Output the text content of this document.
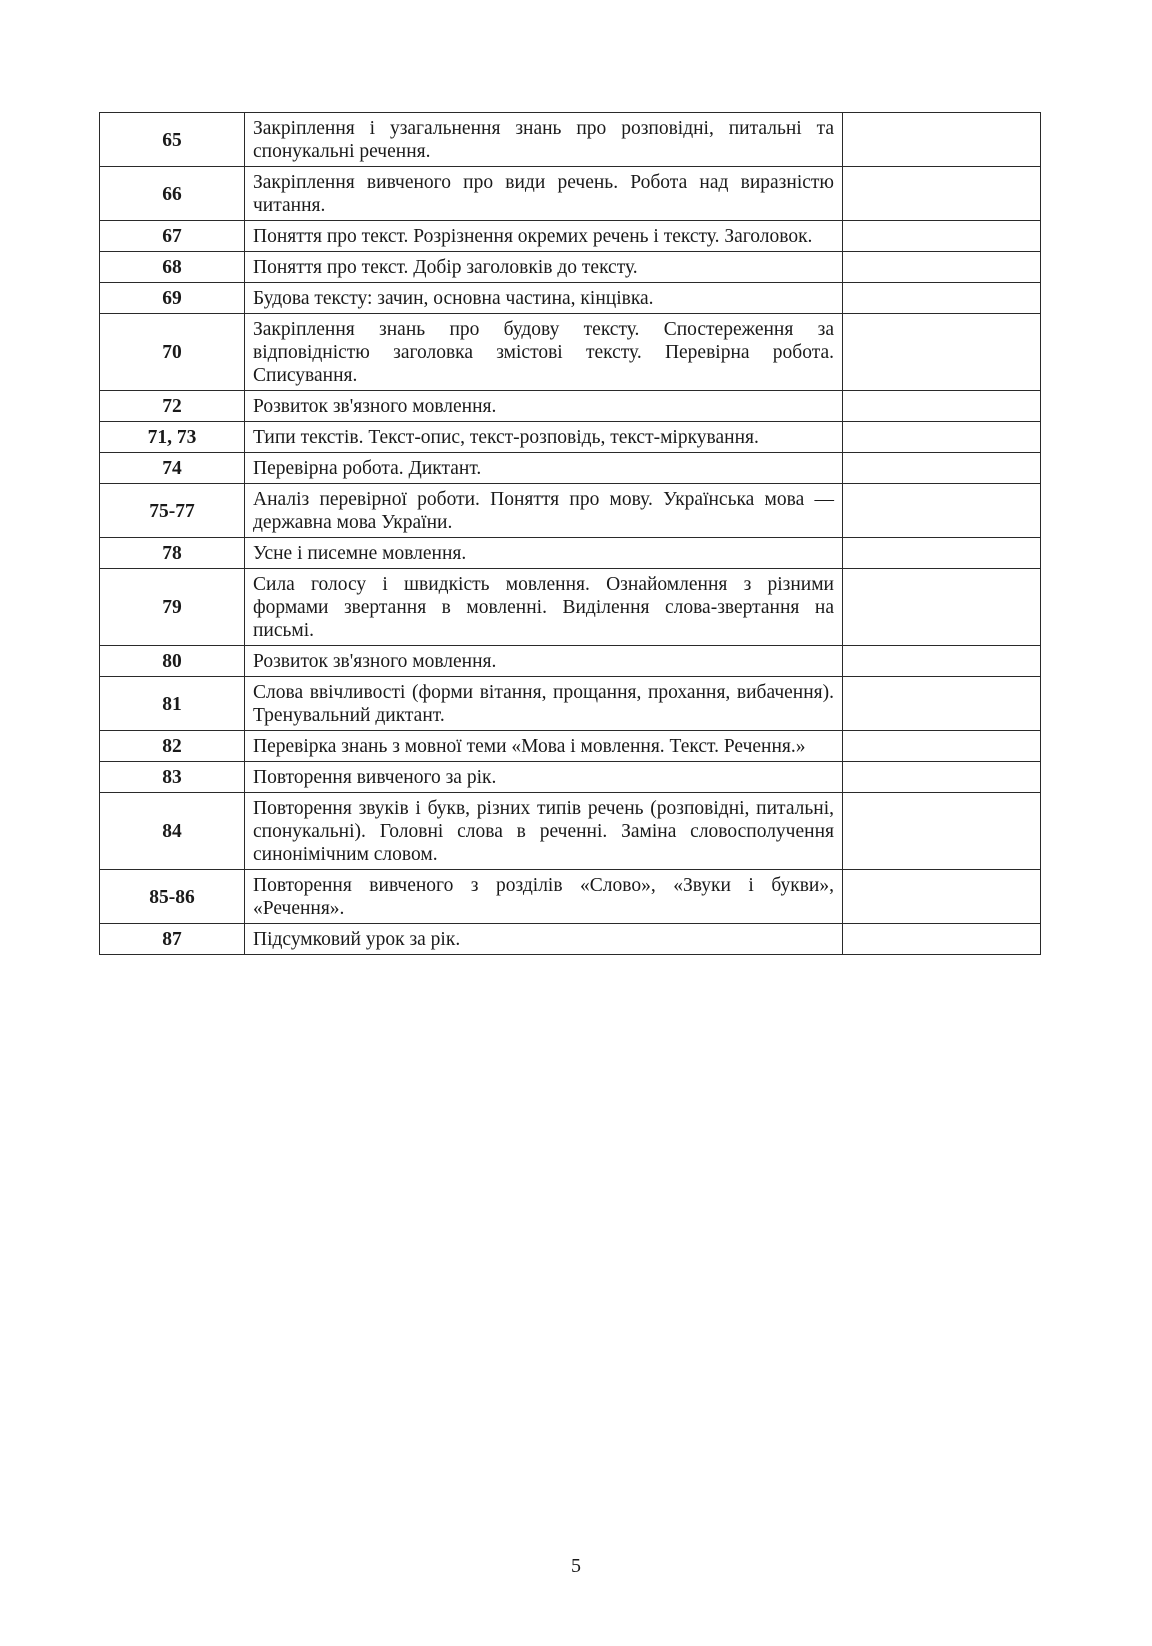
65	Закріплення і узагальнення знань про розповідні, питальні та спонукальні речення.	
66	Закріплення вивченого про види речень. Робота над виразністю читання.	
67	Поняття про текст. Розрізнення окремих речень і тексту. Заголовок.	
68	Поняття про текст. Добір заголовків до тексту.	
69	Будова тексту: зачин, основна частина, кінцівка.	
70	Закріплення знань про будову тексту. Спостереження за відповідністю заголовка змістові тексту. Перевірна робота. Списування.	
72	Розвиток зв'язного мовлення.	
71, 73	Типи текстів. Текст-опис, текст-розповідь, текст-міркування.	
74	Перевірна робота. Диктант.	
75-77	Аналіз перевірної роботи. Поняття про мову. Українська мова — державна мова України.	
78	Усне і писемне мовлення.	
79	Сила голосу і швидкість мовлення. Ознайомлення з різними формами звертання в мовленні. Виділення слова-звертання на письмі.	
80	Розвиток зв'язного мовлення.	
81	Слова ввічливості (форми вітання, прощання, прохання, вибачення). Тренувальний диктант.	
82	Перевірка знань з мовної теми «Мова і мовлення. Текст. Речення.»	
83	Повторення вивченого за рік.	
84	Повторення звуків і букв, різних типів речень (розповідні, питальні, спонукальні). Головні слова в реченні. Заміна словосполучення синонімічним словом.	
85-86	Повторення вивченого з розділів «Слово», «Звуки і букви», «Речення».	
87	Підсумковий урок за рік.	
5
